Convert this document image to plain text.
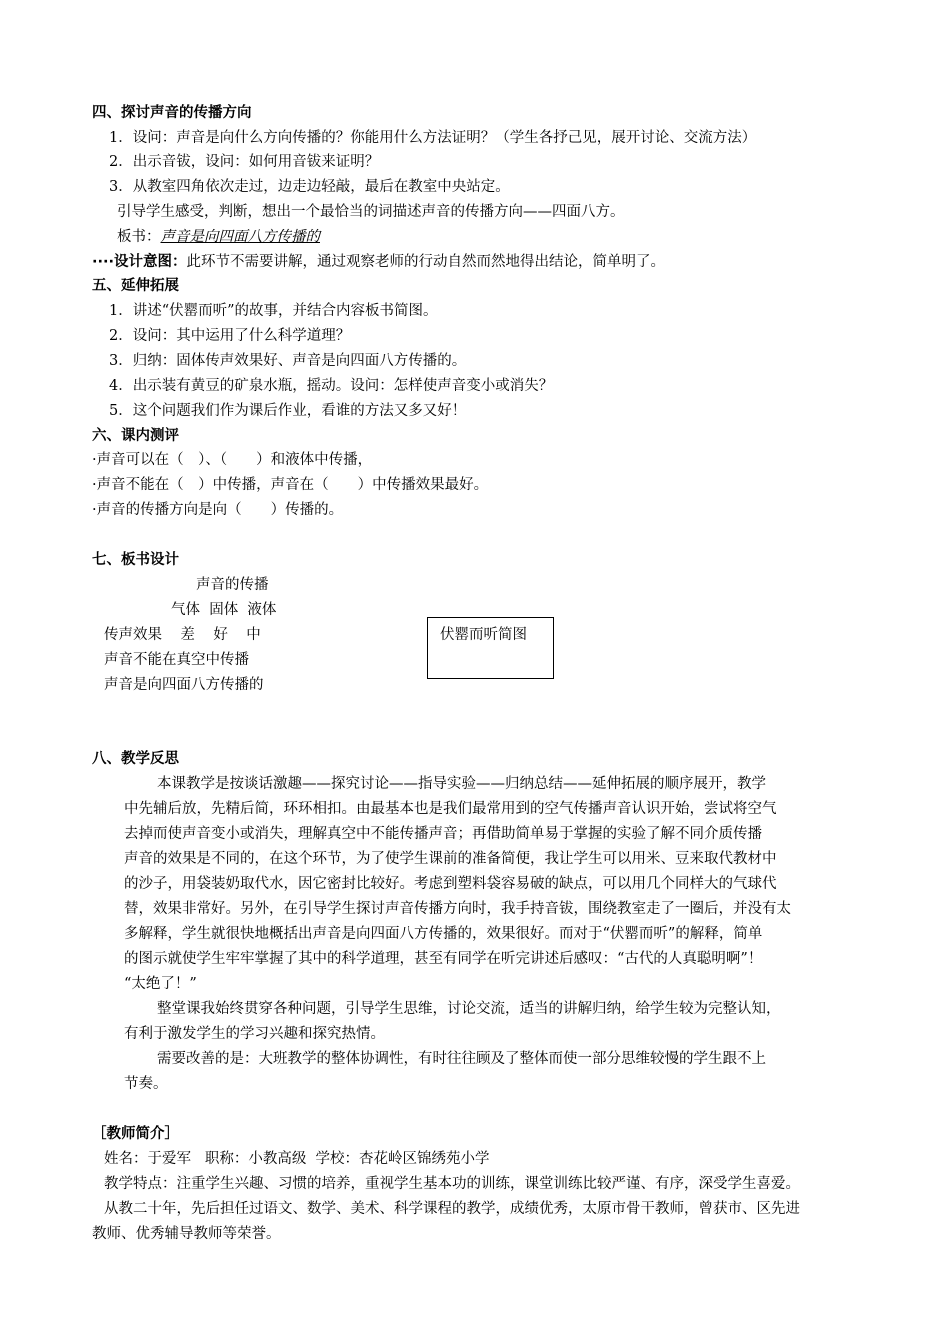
四、探讨声音的传播方向
1．设问：声音是向什么方向传播的？你能用什么方法证明？（学生各抒己见，展开讨论、交流方法）
2．出示音钹，设问：如何用音钹来证明？
3．从教室四角依次走过，边走边轻敲，最后在教室中央站定。
引导学生感受，判断，想出一个最恰当的词描述声音的传播方向——四面八方。
板书：声音是向四面八方传播的
····设计意图：此环节不需要讲解，通过观察老师的行动自然而然地得出结论，简单明了。
五、延伸拓展
1．讲述“伏罂而听”的故事，并结合内容板书简图。
2．设问：其中运用了什么科学道理？
3．归纳：固体传声效果好、声音是向四面八方传播的。
4．出示装有黄豆的矿泉水瓶，摇动。设问：怎样使声音变小或消失？
5．这个问题我们作为课后作业，看谁的方法又多又好！
六、课内测评
·声音可以在（　）、（　　）和液体中传播，
·声音不能在（　）中传播，声音在（　　）中传播效果最好。
·声音的传播方向是向（　　）传播的。
七、板书设计
声音的传播
气体  固体  液体
传声效果    差    好    中
声音不能在真空中传播
声音是向四面八方传播的
伏罂而听简图
八、教学反思
本课教学是按谈话激趣——探究讨论——指导实验——归纳总结——延伸拓展的顺序展开，教学
中先辅后放，先精后简，环环相扣。由最基本也是我们最常用到的空气传播声音认识开始，尝试将空气
去掉而使声音变小或消失，理解真空中不能传播声音；再借助简单易于掌握的实验了解不同介质传播
声音的效果是不同的，在这个环节，为了使学生课前的准备简便，我让学生可以用米、豆来取代教材中
的沙子，用袋装奶取代水，因它密封比较好。考虑到塑料袋容易破的缺点，可以用几个同样大的气球代
替，效果非常好。另外，在引导学生探讨声音传播方向时，我手持音钹，围绕教室走了一圈后，并没有太
多解释，学生就很快地概括出声音是向四面八方传播的，效果很好。而对于“伏罂而听”的解释，简单
的图示就使学生牢牢掌握了其中的科学道理，甚至有同学在听完讲述后感叹：“古代的人真聪明啊”！
“太绝了！”
整堂课我始终贯穿各种问题，引导学生思维，讨论交流，适当的讲解归纳，给学生较为完整认知，
有利于激发学生的学习兴趣和探究热情。
需要改善的是：大班教学的整体协调性，有时往往顾及了整体而使一部分思维较慢的学生跟不上
节奏。
［教师简介］
姓名：于爱军   职称：小教高级  学校：杏花岭区锦绣苑小学
教学特点：注重学生兴趣、习惯的培养，重视学生基本功的训练，课堂训练比较严谨、有序，深受学生喜爱。
从教二十年，先后担任过语文、数学、美术、科学课程的教学，成绩优秀，太原市骨干教师，曾获市、区先进
教师、优秀辅导教师等荣誉。
